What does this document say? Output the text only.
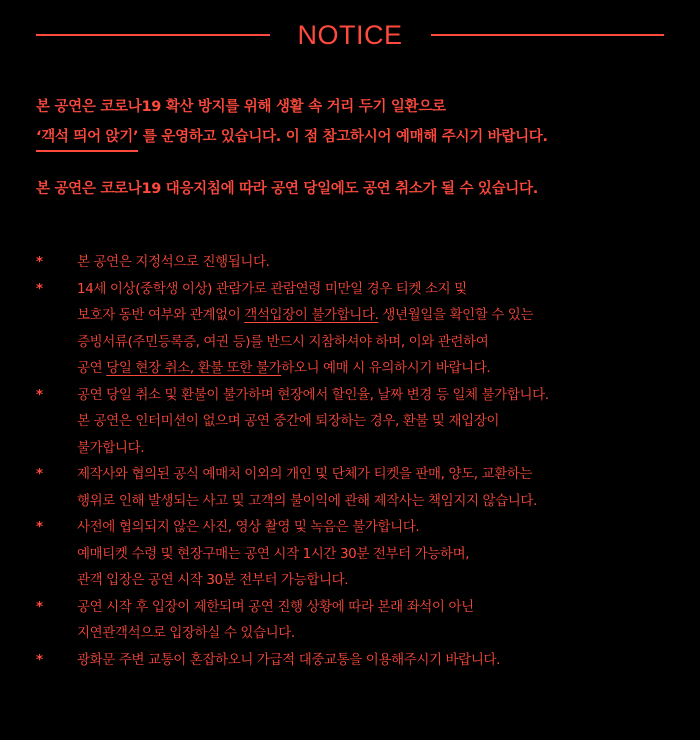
NOTICE
본 공연은 코로나19 확산 방지를 위해 생활 속 거리 두기 일환으로
‘객석 띄어 앉기’ 를 운영하고 있습니다. 이 점 참고하시어 예매해 주시기 바랍니다.
본 공연은 코로나19 대응지침에 따라 공연 당일에도 공연 취소가 될 수 있습니다.
*	본 공연은 지정석으로 진행됩니다.
*	14세 이상(중학생 이상) 관람가로 관람연령 미만일 경우 티켓 소지 및
보호자 동반 여부와 관계없이 객석입장이 불가합니다. 생년월일을 확인할 수 있는
증빙서류(주민등록증, 여권 등)를 반드시 지참하셔야 하며, 이와 관련하여
공연 당일 현장 취소, 환불 또한 불가하오니 예매 시 유의하시기 바랍니다.
*	공연 당일 취소 및 환불이 불가하며 현장에서 할인율, 날짜 변경 등 일체 불가합니다.
본 공연은 인터미션이 없으며 공연 중간에 퇴장하는 경우, 환불 및 재입장이
불가합니다.
*	제작사와 협의된 공식 예매처 이외의 개인 및 단체가 티켓을 판매, 양도, 교환하는
행위로 인해 발생되는 사고 및 고객의 불이익에 관해 제작사는 책임지지 않습니다.
*	사전에 협의되지 않은 사진, 영상 촬영 및 녹음은 불가합니다.
예매티켓 수령 및 현장구매는 공연 시작 1시간 30분 전부터 가능하며,
관객 입장은 공연 시작 30분 전부터 가능합니다.
*	공연 시작 후 입장이 제한되며 공연 진행 상황에 따라 본래 좌석이 아닌
지연관객석으로 입장하실 수 있습니다.
*	광화문 주변 교통이 혼잡하오니 가급적 대중교통을 이용해주시기 바랍니다.
